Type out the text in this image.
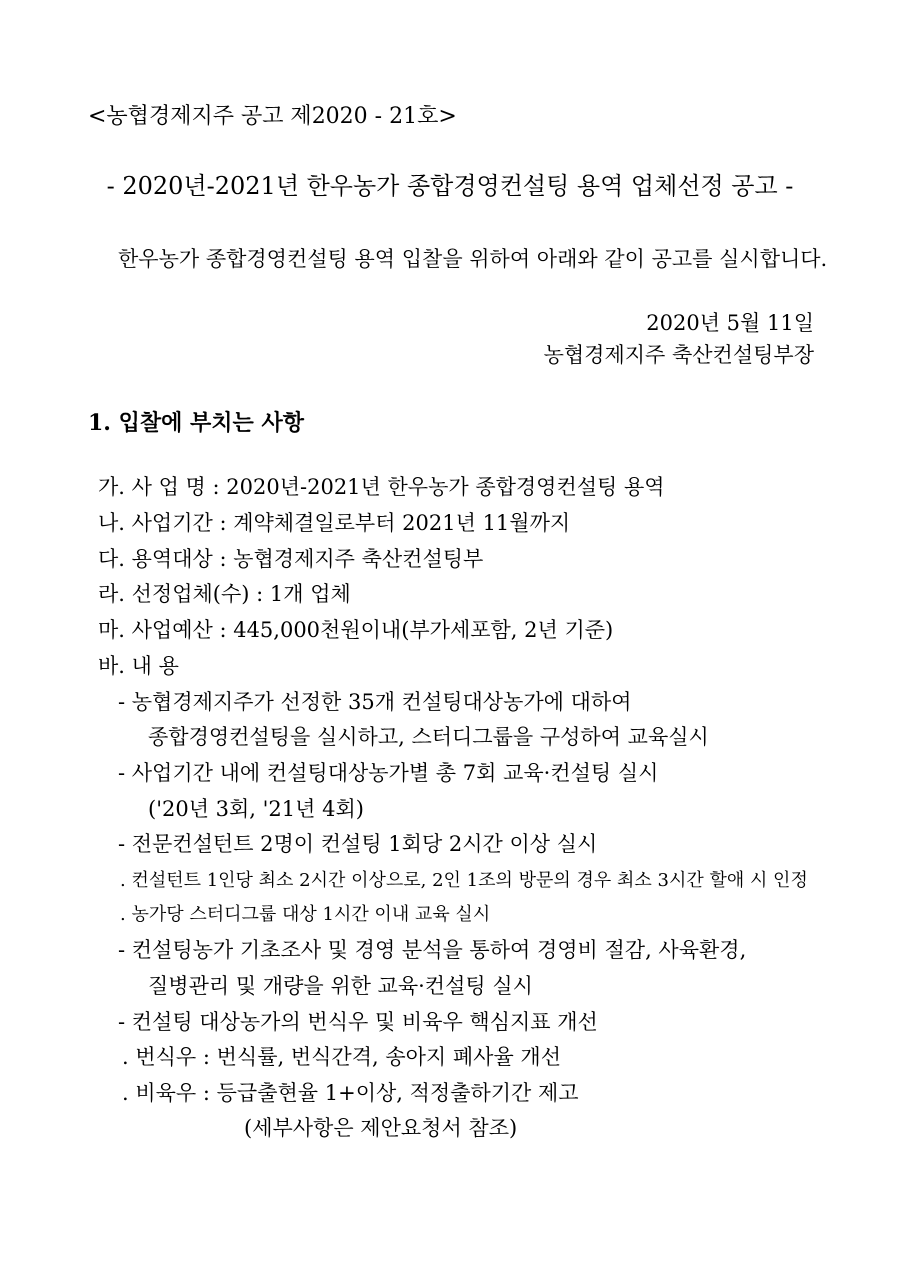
<농협경제지주 공고 제2020 - 21호>
- 2020년-2021년 한우농가 종합경영컨설팅 용역 업체선정 공고 -
한우농가 종합경영컨설팅 용역 입찰을 위하여 아래와 같이 공고를 실시합니다.
2020년 5월 11일
농협경제지주 축산컨설팅부장
1. 입찰에 부치는 사항
가. 사 업 명 : 2020년-2021년 한우농가 종합경영컨설팅 용역
나. 사업기간 : 계약체결일로부터 2021년 11월까지
다. 용역대상 : 농협경제지주 축산컨설팅부
라. 선정업체(수) : 1개 업체
마. 사업예산 : 445,000천원이내(부가세포함, 2년 기준)
바. 내 용
- 농협경제지주가 선정한 35개 컨설팅대상농가에 대하여
종합경영컨설팅을 실시하고, 스터디그룹을 구성하여 교육실시
- 사업기간 내에 컨설팅대상농가별 총 7회 교육·컨설팅 실시
('20년 3회, '21년 4회)
- 전문컨설턴트 2명이 컨설팅 1회당 2시간 이상 실시
. 컨설턴트 1인당 최소 2시간 이상으로, 2인 1조의 방문의 경우 최소 3시간 할애 시 인정
. 농가당 스터디그룹 대상 1시간 이내 교육 실시
- 컨설팅농가 기초조사 및 경영 분석을 통하여 경영비 절감, 사육환경,
질병관리 및 개량을 위한 교육·컨설팅 실시
- 컨설팅 대상농가의 번식우 및 비육우 핵심지표 개선
. 번식우 : 번식률, 번식간격, 송아지 폐사율 개선
. 비육우 : 등급출현율 1+이상, 적정출하기간 제고
(세부사항은 제안요청서 참조)
